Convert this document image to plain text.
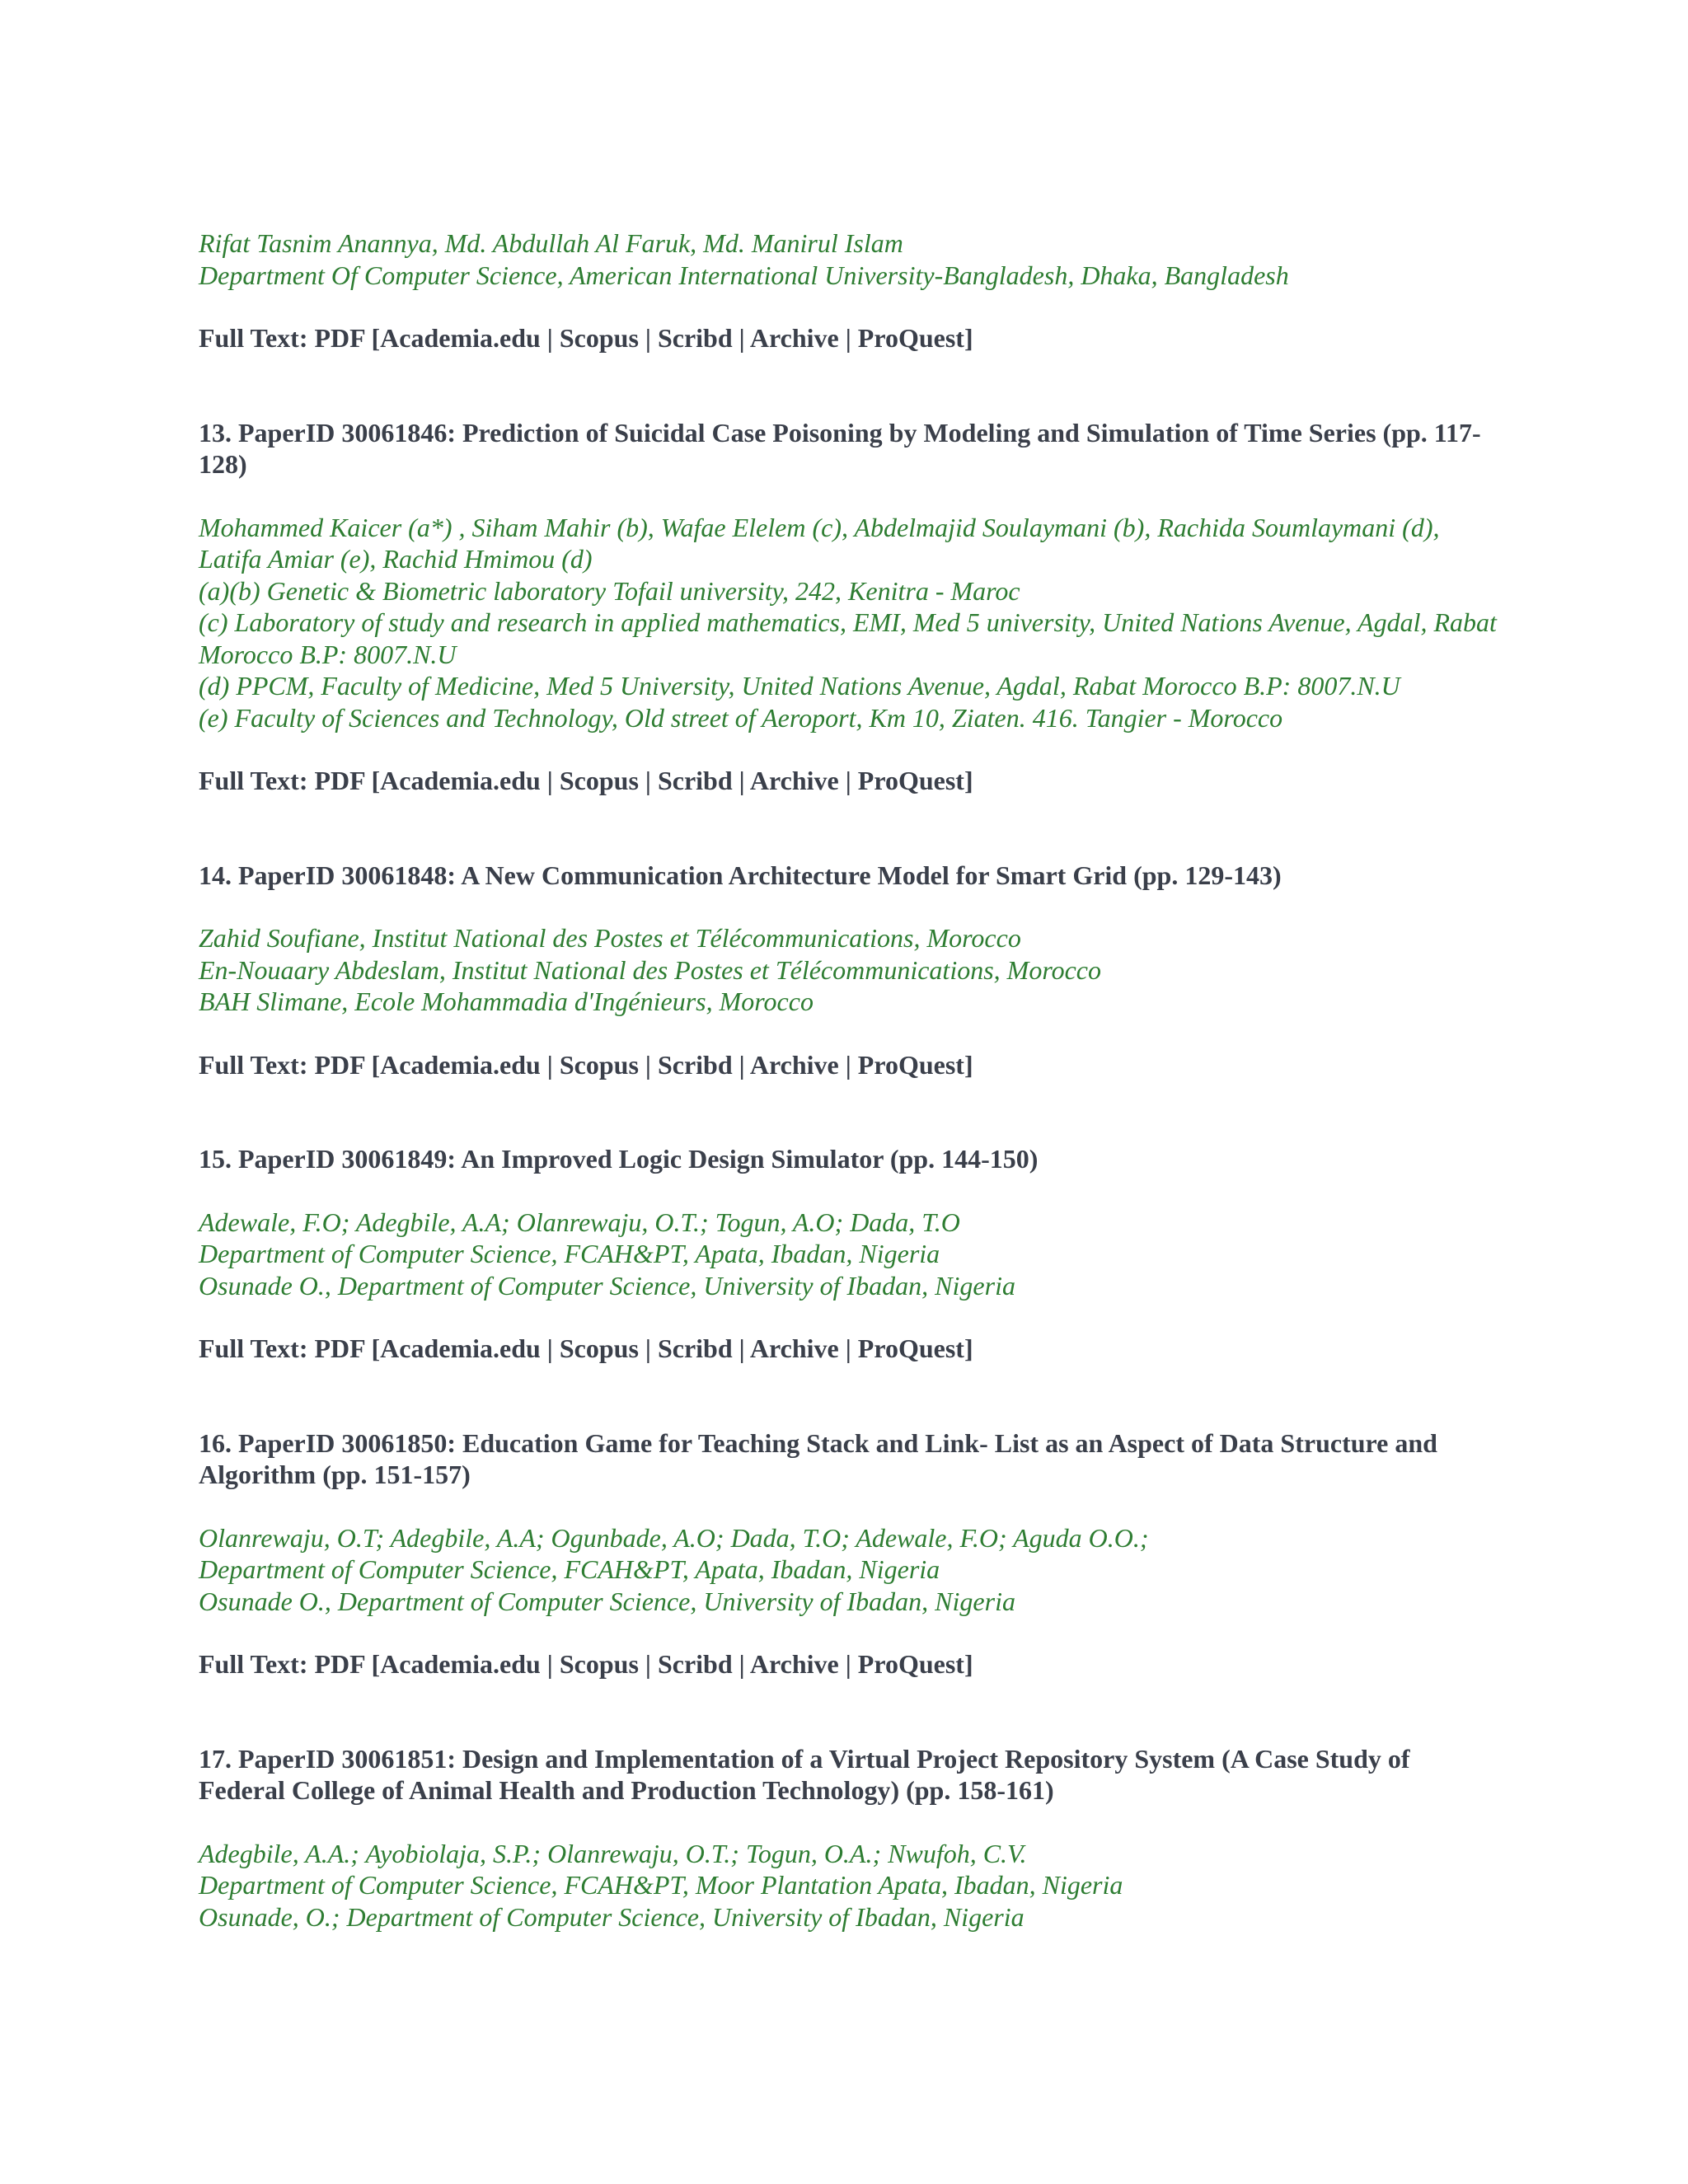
Rifat Tasnim Anannya, Md. Abdullah Al Faruk, Md. Manirul Islam
Department Of Computer Science, American International University-Bangladesh, Dhaka, Bangladesh
Full Text: PDF [Academia.edu | Scopus | Scribd | Archive | ProQuest]
13. PaperID 30061846: Prediction of Suicidal Case Poisoning by Modeling and Simulation of Time Series (pp. 117-128)
Mohammed Kaicer (a*) , Siham Mahir (b), Wafae Elelem (c), Abdelmajid Soulaymani (b), Rachida Soumlaymani (d), Latifa Amiar (e), Rachid Hmimou (d)
(a)(b) Genetic & Biometric laboratory Tofail university, 242, Kenitra - Maroc
(c) Laboratory of study and research in applied mathematics, EMI, Med 5 university, United Nations Avenue, Agdal, Rabat Morocco B.P: 8007.N.U
(d) PPCM, Faculty of Medicine, Med 5 University, United Nations Avenue, Agdal, Rabat Morocco B.P: 8007.N.U
(e) Faculty of Sciences and Technology, Old street of Aeroport, Km 10, Ziaten. 416. Tangier - Morocco
Full Text: PDF [Academia.edu | Scopus | Scribd | Archive | ProQuest]
14. PaperID 30061848: A New Communication Architecture Model for Smart Grid (pp. 129-143)
Zahid Soufiane, Institut National des Postes et Télécommunications, Morocco
En-Nouaary Abdeslam, Institut National des Postes et Télécommunications, Morocco
BAH Slimane, Ecole Mohammadia d'Ingénieurs, Morocco
Full Text: PDF [Academia.edu | Scopus | Scribd | Archive | ProQuest]
15. PaperID 30061849: An Improved Logic Design Simulator (pp. 144-150)
Adewale, F.O; Adegbile, A.A; Olanrewaju, O.T.; Togun, A.O; Dada, T.O
Department of Computer Science, FCAH&PT, Apata, Ibadan, Nigeria
Osunade O., Department of Computer Science, University of Ibadan, Nigeria
Full Text: PDF [Academia.edu | Scopus | Scribd | Archive | ProQuest]
16. PaperID 30061850: Education Game for Teaching Stack and Link- List as an Aspect of Data Structure and Algorithm (pp. 151-157)
Olanrewaju, O.T; Adegbile, A.A; Ogunbade, A.O; Dada, T.O; Adewale, F.O; Aguda O.O.;
Department of Computer Science, FCAH&PT, Apata, Ibadan, Nigeria
Osunade O., Department of Computer Science, University of Ibadan, Nigeria
Full Text: PDF [Academia.edu | Scopus | Scribd | Archive | ProQuest]
17. PaperID 30061851: Design and Implementation of a Virtual Project Repository System (A Case Study of Federal College of Animal Health and Production Technology) (pp. 158-161)
Adegbile, A.A.; Ayobiolaja, S.P.; Olanrewaju, O.T.; Togun, O.A.; Nwufoh, C.V.
Department of Computer Science, FCAH&PT, Moor Plantation Apata, Ibadan, Nigeria
Osunade, O.; Department of Computer Science, University of Ibadan, Nigeria
